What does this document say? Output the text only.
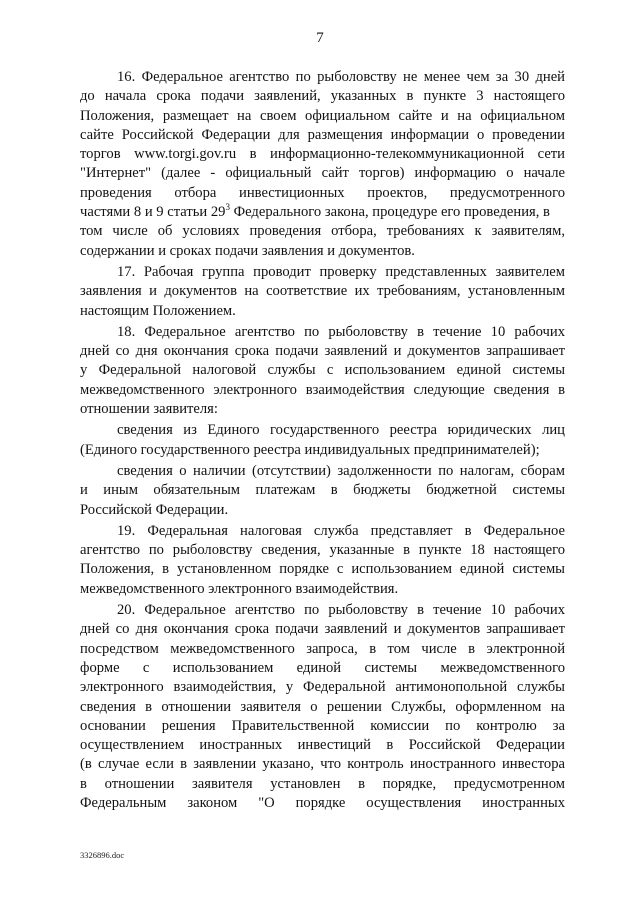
7
16. Федеральное агентство по рыболовству не менее чем за 30 дней
до начала срока подачи заявлений, указанных в пункте 3 настоящего
Положения, размещает на своем официальном сайте и на официальном
сайте Российской Федерации для размещения информации о проведении
торгов www.torgi.gov.ru в информационно-телекоммуникационной сети
"Интернет" (далее - официальный сайт торгов) информацию о начале
проведения отбора инвестиционных проектов, предусмотренного
частями 8 и 9 статьи $29^3$ Федерального закона, процедуре его проведения, в
том числе об условиях проведения отбора, требованиях к заявителям,
содержании и сроках подачи заявления и документов.
17. Рабочая группа проводит проверку представленных заявителем
заявления и документов на соответствие их требованиям, установленным
настоящим Положением.
18. Федеральное агентство по рыболовству в течение 10 рабочих
дней со дня окончания срока подачи заявлений и документов запрашивает
у Федеральной налоговой службы с использованием единой системы
межведомственного электронного взаимодействия следующие сведения в
отношении заявителя:
сведения из Единого государственного реестра юридических лиц
(Единого государственного реестра индивидуальных предпринимателей);
сведения о наличии (отсутствии) задолженности по налогам, сборам
и иным обязательным платежам в бюджеты бюджетной системы
Российской Федерации.
19. Федеральная налоговая служба представляет в Федеральное
агентство по рыболовству сведения, указанные в пункте 18 настоящего
Положения, в установленном порядке с использованием единой системы
межведомственного электронного взаимодействия.
20. Федеральное агентство по рыболовству в течение 10 рабочих
дней со дня окончания срока подачи заявлений и документов запрашивает
посредством межведомственного запроса, в том числе в электронной
форме с использованием единой системы межведомственного
электронного взаимодействия, у Федеральной антимонопольной службы
сведения в отношении заявителя о решении Службы, оформленном на
основании решения Правительственной комиссии по контролю за
осуществлением иностранных инвестиций в Российской Федерации
(в случае если в заявлении указано, что контроль иностранного инвестора
в отношении заявителя установлен в порядке, предусмотренном
Федеральным законом "О порядке осуществления иностранных
3326896.doc
